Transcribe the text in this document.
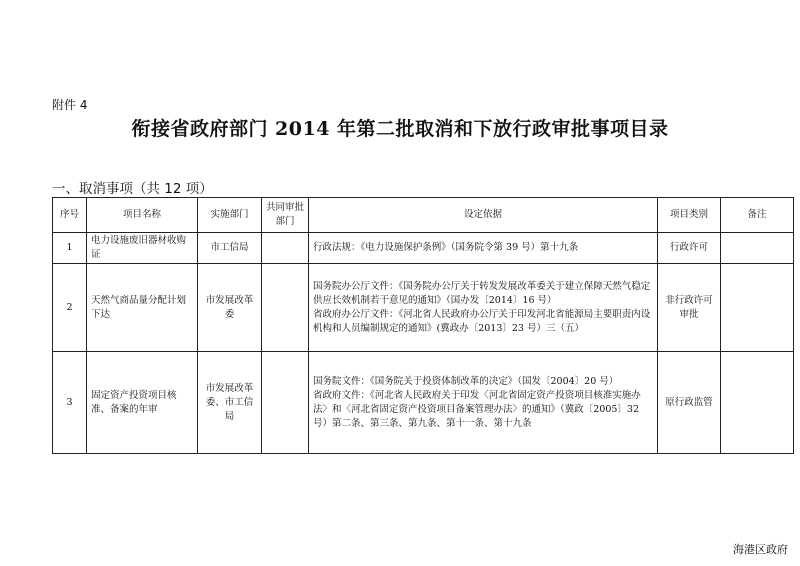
附件 4
衔接省政府部门 2014 年第二批取消和下放行政审批事项目录
一、取消事项（共 12 项）
序号	项目名称	实施部门	共同审批部门	设定依据	项目类别	备注
1	电力设施废旧器材收购证	市工信局		行政法规：《电力设施保护条例》（国务院令第 39 号）第十九条	行政许可	
2	天然气商品量分配计划下达	市发展改革委		国务院办公厅文件：《国务院办公厅关于转发发展改革委关于建立保障天然气稳定供应长效机制若干意见的通知》（国办发〔2014〕16 号）
省政府办公厅文件：《河北省人民政府办公厅关于印发河北省能源局主要职责内设机构和人员编制规定的通知》(冀政办〔2013〕23 号）三（五）	非行政许可审批	
3	固定资产投资项目核准、备案的年审	市发展改革委、市工信局		国务院文件：《国务院关于投资体制改革的决定》（国发〔2004〕20 号）
省政府文件：《河北省人民政府关于印发〈河北省固定资产投资项目核准实施办法〉和〈河北省固定资产投资项目备案管理办法〉的通知》（冀政〔2005〕32 号）第二条、第三条、第九条、第十一条、第十九条	原行政监管	
海港区政府
